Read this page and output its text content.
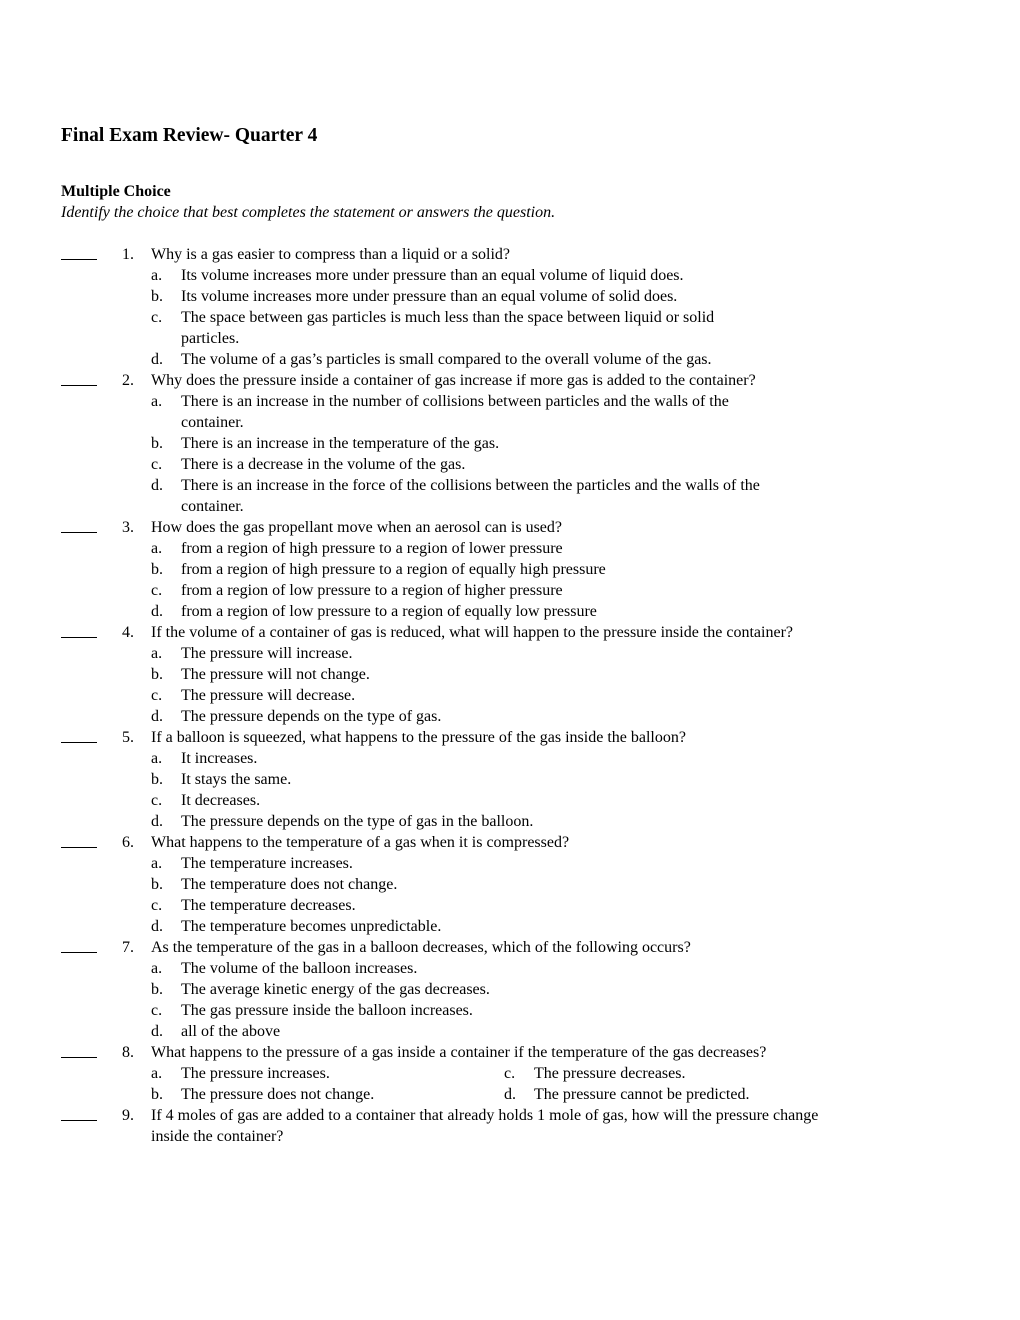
Final Exam Review- Quarter 4
Multiple Choice
Identify the choice that best completes the statement or answers the question.
1. Why is a gas easier to compress than a liquid or a solid?
a. Its volume increases more under pressure than an equal volume of liquid does.
b. Its volume increases more under pressure than an equal volume of solid does.
c. The space between gas particles is much less than the space between liquid or solid
particles.
d. The volume of a gas’s particles is small compared to the overall volume of the gas.
2. Why does the pressure inside a container of gas increase if more gas is added to the container?
a. There is an increase in the number of collisions between particles and the walls of the
container.
b. There is an increase in the temperature of the gas.
c. There is a decrease in the volume of the gas.
d. There is an increase in the force of the collisions between the particles and the walls of the
container.
3. How does the gas propellant move when an aerosol can is used?
a. from a region of high pressure to a region of lower pressure
b. from a region of high pressure to a region of equally high pressure
c. from a region of low pressure to a region of higher pressure
d. from a region of low pressure to a region of equally low pressure
4. If the volume of a container of gas is reduced, what will happen to the pressure inside the container?
a. The pressure will increase.
b. The pressure will not change.
c. The pressure will decrease.
d. The pressure depends on the type of gas.
5. If a balloon is squeezed, what happens to the pressure of the gas inside the balloon?
a. It increases.
b. It stays the same.
c. It decreases.
d. The pressure depends on the type of gas in the balloon.
6. What happens to the temperature of a gas when it is compressed?
a. The temperature increases.
b. The temperature does not change.
c. The temperature decreases.
d. The temperature becomes unpredictable.
7. As the temperature of the gas in a balloon decreases, which of the following occurs?
a. The volume of the balloon increases.
b. The average kinetic energy of the gas decreases.
c. The gas pressure inside the balloon increases.
d. all of the above
8. What happens to the pressure of a gas inside a container if the temperature of the gas decreases?
a. The pressure increases.	c. The pressure decreases.
b. The pressure does not change.	d. The pressure cannot be predicted.
9. If 4 moles of gas are added to a container that already holds 1 mole of gas, how will the pressure change
inside the container?
